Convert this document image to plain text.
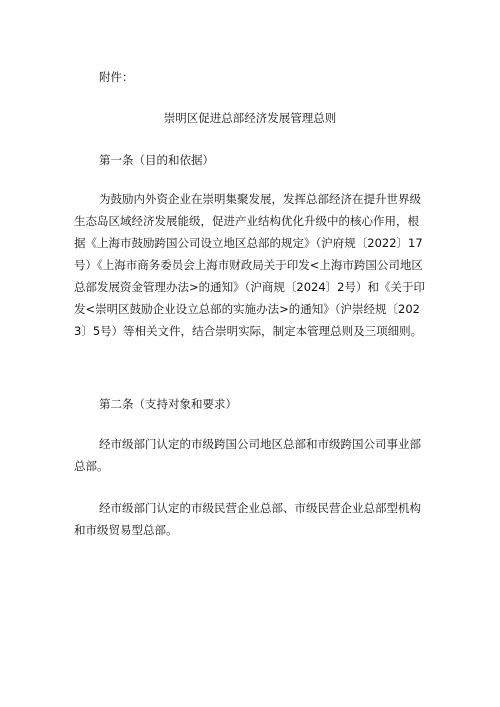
附件：

崇明区促进总部经济发展管理总则

第一条（目的和依据）

为鼓励内外资企业在崇明集聚发展，发挥总部经济在提升世界级生态岛区域经济发展能级，促进产业结构优化升级中的核心作用，根据《上海市鼓励跨国公司设立地区总部的规定》（沪府规〔2022〕17号）《上海市商务委员会上海市财政局关于印发<上海市跨国公司地区总部发展资金管理办法>的通知》（沪商规〔2024〕2号）和《关于印发<崇明区鼓励企业设立总部的实施办法>的通知》（沪崇经规〔2023〕5号）等相关文件，结合崇明实际，制定本管理总则及三项细则。

第二条（支持对象和要求）

经市级部门认定的市级跨国公司地区总部和市级跨国公司事业部总部。

经市级部门认定的市级民营企业总部、市级民营企业总部型机构和市级贸易型总部。
